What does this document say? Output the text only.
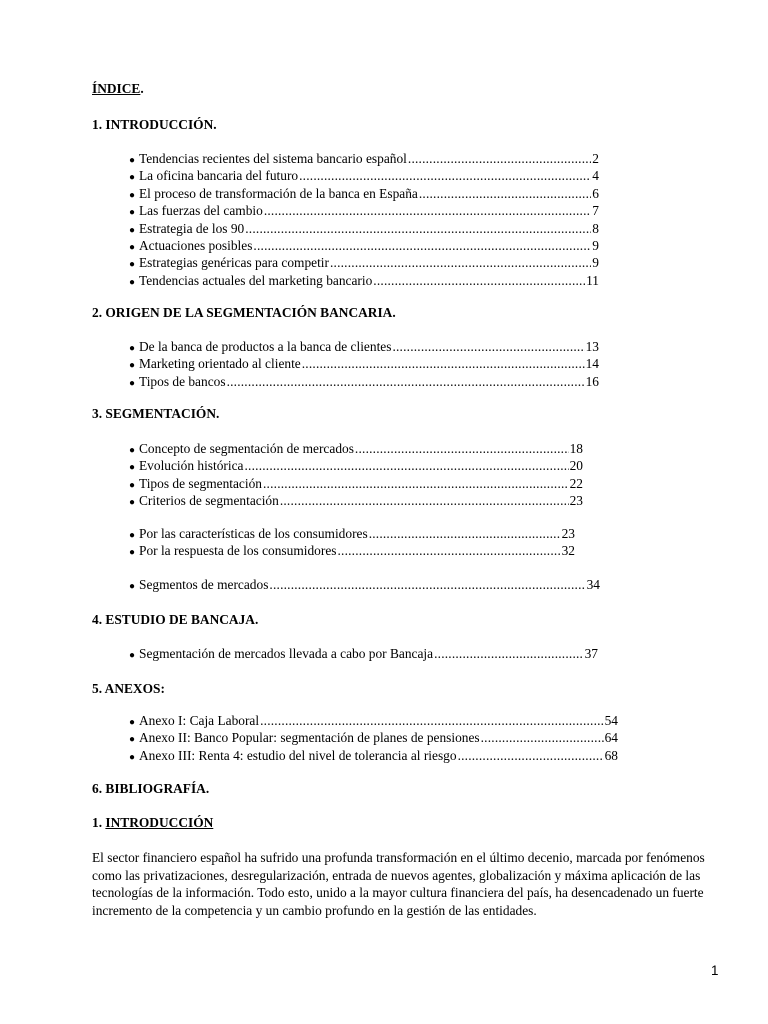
ÍNDICE.

1. INTRODUCCIÓN.

● Tendencias recientes del sistema bancario español .....	2
● La oficina bancaria del futuro .....	4
● El proceso de transformación de la banca en España .....	6
● Las fuerzas del cambio .....	7
● Estrategia de los 90 .....	8
● Actuaciones posibles .....	9
● Estrategias genéricas para competir .....	9
● Tendencias actuales del marketing bancario .....	11

2. ORIGEN DE LA SEGMENTACIÓN BANCARIA.

● De la banca de productos a la banca de clientes .....	13
● Marketing orientado al cliente .....	14
● Tipos de bancos .....	16

3. SEGMENTACIÓN.

● Concepto de segmentación de mercados .....	18
● Evolución histórica .....	20
● Tipos de segmentación .....	22
● Criterios de segmentación .....	23
● Por las características de los consumidores .....	23
● Por la respuesta de los consumidores .....	32
● Segmentos de mercados .....	34

4. ESTUDIO DE BANCAJA.

● Segmentación de mercados llevada a cabo por Bancaja .....	37

5. ANEXOS:

● Anexo I: Caja Laboral .....	54
● Anexo II: Banco Popular: segmentación de planes de pensiones .....	64
● Anexo III: Renta 4: estudio del nivel de tolerancia al riesgo .....	68

6. BIBLIOGRAFÍA.

1. INTRODUCCIÓN

El sector financiero español ha sufrido una profunda transformación en el último decenio, marcada por fenómenos como las privatizaciones, desregularización, entrada de nuevos agentes, globalización y máxima aplicación de las tecnologías de la información. Todo esto, unido a la mayor cultura financiera del país, ha desencadenado un fuerte incremento de la competencia y un cambio profundo en la gestión de las entidades.

1
